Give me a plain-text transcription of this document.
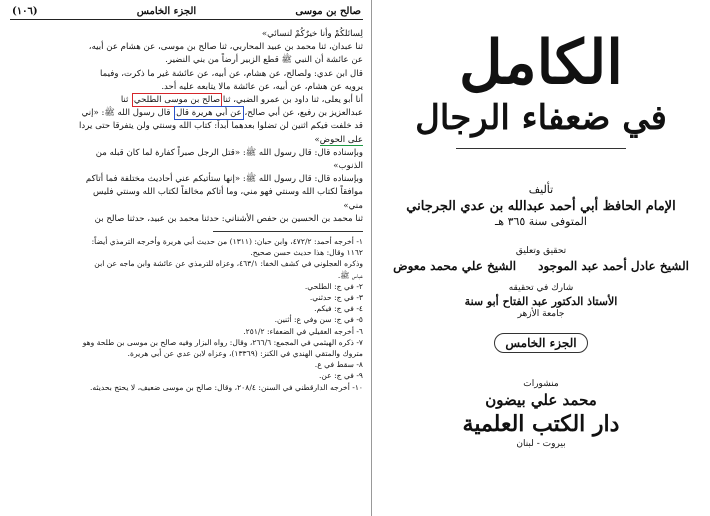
(١٠٦)	الجزء الخامس	صالح بن موسى

لِسائلكُمْ وأنا خيرٌكُمْ لنسائي»

ثنا عبدان، ثنا محمد بن عبيد المحاربي، ثنا صالح بن موسى، عن هشام عن أبيه،

عن عائشة أن النبي ﷺ قطع الزبير أرضاً من بني النضير.

قال ابن عدي: ولصالح، عن هشام، عن أبيه، عن عائشة غير ما ذكرت، وفيما

يرويه عن هشام، عن أبيه، عن عائشة مالا يتابعه عليه أحد.

أنا أبو يعلى، ثنا داود بن عمرو الضبي، ثنا صالح بن موسى الطلحي، ثنا

عبدالعزيز بن رفيع، عن أبي صالح، عن أبي هريرة قال: قال رسول الله ﷺ: «إني

قد خلفت فيكم اثنين لن تضلوا بعدهما أبداً: كتاب الله وسنتي ولن يتفرقا حتى يردا

على الحوض»

وبإسناده قال: قال رسول الله ﷺ: «قتل الرجل صبراً كفارة لما كان قبله من

الذنوب»

وبإسناده قال: قال رسول الله ﷺ: «إنها ستأتيكم عني أحاديث مختلفة فما أتاكم

موافقاً لكتاب الله وسنتي فهو مني، وما أتاكم مخالفاً لكتاب الله وسنتي فليس

مني»

ثنا محمد بن الحسين بن حفص الأشناني: حدثنا محمد بن عبيد، حدثنا صالح بن

١- أخرجه أحمد: ٤٧٢/٢، وابن حبان: (١٣١١) من حديث أبي هريرة وأخرجه الترمذي أيضاً:
١١٦٢ وقال: هذا حديث حسن صحيح.
وذكره العجلوني في كشف الخفا: ٤٦٣/١، وعزاه للترمذي عن عائشة وابن ماجه عن ابن
عباس ﷺ.
٢- في ج: الطلحي.
٣- في ج: حدثني.
٤- في ج: فيكم.
٥- في ج: سن وفي ع: أثنين.
٦- أخرجه العقيلي في الضعفاء: ٢٥١/٢.
٧- ذكره الهيثمي في المجمع: ٢٦٦/٦، وقال: رواه البزار وفيه صالح بن موسى بن طلحة وهو
متروك والمتقي الهندي في الكنز: (١٣٣٦٩)، وعزاه لابن عدي عن أبي هريرة.
٨- سقط في ع.
٩- في ج: عن.
١٠- أخرجه الدارقطني في السنن: ٢٠٨/٤، وقال: صالح بن موسى ضعيف، لا يحتج بحديثه.
الكامل
في ضعفاء الرجال
تأليف
الإمام الحافظ أبي أحمد عبدالله بن عدي الجرجاني
المتوفى سنة ٣٦٥ هـ
تحقيق وتعليق
الشيخ عادل أحمد عبد الموجود
الشيخ علي محمد معوض
شارك في تحقيقه
الأستاذ الدكتور عبد الفتاح أبو سنة
جامعة الأزهر
الجزء الخامس
منشورات
محمد علي بيضون
دار الكتب العلمية
بيروت - لبنان
